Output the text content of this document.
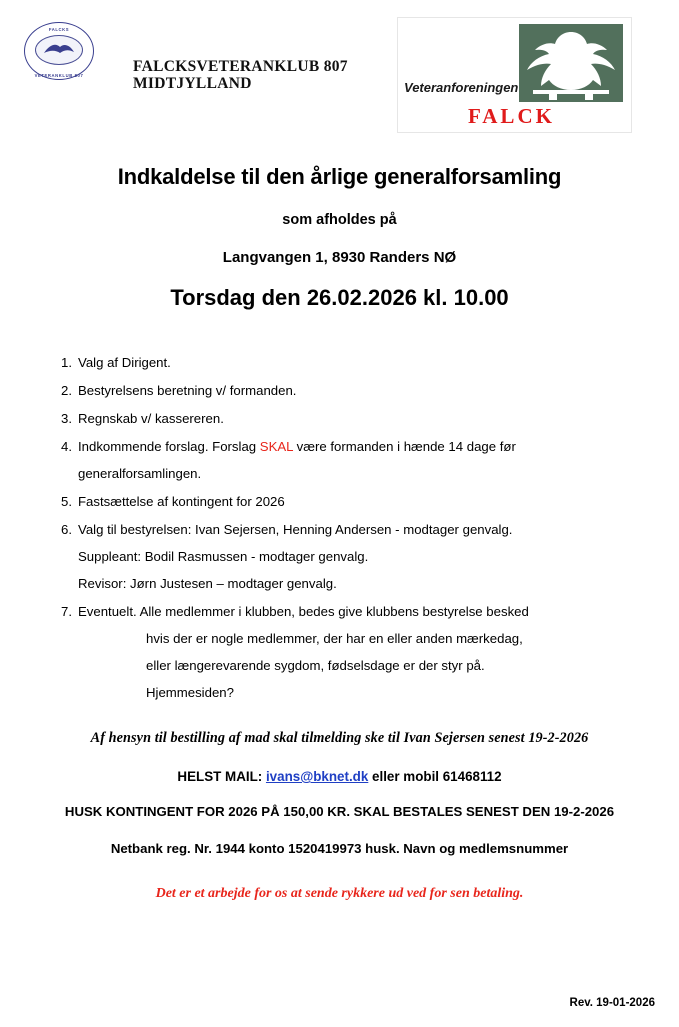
FALCKS
VETERANKLUB 807
FALCKSVETERANKLUB 807
MIDTJYLLAND	Veteranforeningen
FALCK
Indkaldelse til den årlige generalforsamling
som afholdes på
Langvangen 1, 8930 Randers NØ
Torsdag den 26.02.2026 kl. 10.00
1. Valg af Dirigent.
2. Bestyrelsens beretning v/ formanden.
3. Regnskab v/ kassereren.
4. Indkommende forslag. Forslag SKAL være formanden i hænde 14 dage før
generalforsamlingen.
5. Fastsættelse af kontingent for 2026
6. Valg til bestyrelsen: Ivan Sejersen, Henning Andersen - modtager genvalg.
Suppleant: Bodil Rasmussen - modtager genvalg.
Revisor: Jørn Justesen – modtager genvalg.
7. Eventuelt. Alle medlemmer i klubben, bedes give klubbens bestyrelse besked
hvis der er nogle medlemmer, der har en eller anden mærkedag,
eller længerevarende sygdom, fødselsdage er der styr på.
Hjemmesiden?
Af hensyn til bestilling af mad skal tilmelding ske til Ivan Sejersen senest 19-2-2026
HELST MAIL: ivans@bknet.dk eller mobil 61468112
HUSK KONTINGENT FOR 2026 PÅ 150,00 KR. SKAL BESTALES SENEST DEN 19-2-2026
Netbank reg. Nr. 1944 konto 1520419973 husk. Navn og medlemsnummer
Det er et arbejde for os at sende rykkere ud ved for sen betaling.
Rev. 19-01-2026
